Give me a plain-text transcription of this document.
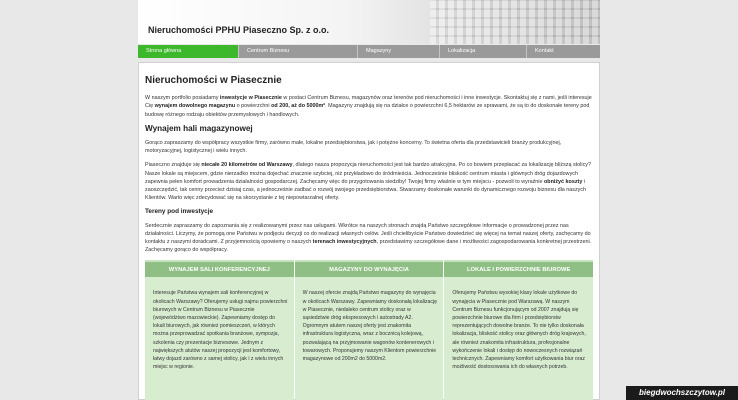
Nieruchomości PPHU Piaseczno Sp. z o.o.
Strona główna	Centrum Biznesu	Magazyny	Lokalizacja	Kontakt
Nieruchomości w Piasecznie

W naszym portfolio posiadamy inwestycje w Piasecznie w postaci Centrum Biznesu, magazynów oraz terenów pod nieruchomości i inne inwestycje. Skontaktuj się z nami, jeśli interesuje Cię wynajem dowolnego magazynu o powierzchni od 200, aż do 5000m². Magazyny znajdują się na działce o powierzchni 6,5 hektarów ze sprawami, że są to do doskonałe tereny pod budowę różnego rodzaju obiektów przemysłowych i handlowych.

Wynajem hali magazynowej

Gorąco zapraszamy do współpracy wszystkie firmy, zarówno małe, lokalne przedsiębiorstwa, jak i potężne koncerny. To świetna oferta dla przedstawicieli branży produkcyjnej, motoryzacyjnej, logistycznej i wielu innych.

Piaseczno znajduje się niecałe 20 kilometrów od Warszawy, dlatego nasza propozycja nieruchomości jest tak bardzo atrakcyjna. Po co bowiem przepłacać za lokalizację bliższą stolicy? Nasze lokale są miejscem, gdzie nierzadko można dojechać znacznie szybciej, niż przykładowo do śródmieścia. Jednocześnie bliskość centrum miasta i głównych dróg dojazdowych zapewnia pełen komfort prowadzenia działalności gospodarczej. Zachęcamy więc do przygotowania siedziby! Twojej firmy właśnie w tym miejscu - pozwoli to wyraźnie obniżyć koszty i zaoszczędzić, tak cenny przecież dzisiaj czas, a jednocześnie zadbać o rozwój swojego przedsiębiorstwa. Stwarzamy doskonałe warunki do dynamicznego rozwoju biznesu dla naszych Klientów. Warto więc zdecydować się na skorzystanie z tej niepowtarzalnej oferty.

Tereny pod inwestycje

Serdecznie zapraszamy do zapoznania się z realizowanymi przez nas usługami. Wkrótce na naszych stronach znajdą Państwo szczegółowe informacje o prowadzonej przez nas działalności. Liczymy, że pomogą one Państwu w podjęciu decyzji co do realizacji własnych celów. Jeśli chcielibyście Państwo dowiedzieć się więcej na temat naszej oferty, zachęcamy do kontaktu z naszymi doradcami. Z przyjemnością opowiemy o naszych terenach inwestycyjnych, przedstawimy szczegółowe dane i możliwości zagospodarowania konkretnej przestrzeni. Zachęcamy gorąco do współpracy.

WYNAJEM SALI KONFERENCYJNEJ
Interesuje Państwa wynajem sali konferencyjnej w okolicach Warszawy? Oferujemy usługi najmu powierzchni biurowych w Centrum Biznesu w Piasecznie (województwo mazowieckie). Zapewniamy dostęp do lokali biurowych, jak również pomieszczeń, w których można przeprowadzać spotkania branżowe, sympozja, szkolenia czy prezentacje biznesowe. Jednym z największych atutów naszej propozycji jest komfortowy, łatwy dojazd zarówno z samej stolicy, jak i z wielu innych miejsc w regionie.
MAGAZYNY DO WYNAJĘCIA
W naszej ofercie znajdą Państwo magazyny do wynajęcia w okolicach Warszawy. Zapewniamy doskonałą lokalizację w Piasecznie, niedaleko centrum stolicy oraz w sąsiedztwie dróg ekspresowych i autostrady A2. Ogromnym atutem naszej oferty jest znakomita infrastruktura logistyczna, wraz z bocznicą kolejową, pozwalającą na przyjmowanie wagonów kontenerowych i towarowych. Proponujemy naszym Klientom powierzchnie magazynowe od 200m2 do 5000m2.
LOKALE I POWIERZCHNIE BIUROWE
Oferujemy Państwu wysokiej klasy lokale użytkowe do wynajęcia w Piasecznie pod Warszawą. W naszym Centrum Biznesu funkcjonującym od 2007 znajdują się powierzchnie biurowe dla firm i przedsiębiorstw reprezentujących dowolne branże. To nie tylko doskonała lokalizacja, bliskość stolicy oraz głównych dróg krajowych, ale również znakomita infrastruktura, profesjonalne wykończenie lokali i dostęp do nowoczesnych rozwiązań technicznych. Zapewniamy komfort użytkowania biur oraz możliwość dostosowania ich do własnych potrzeb.
biegdwochszczytow.pl
